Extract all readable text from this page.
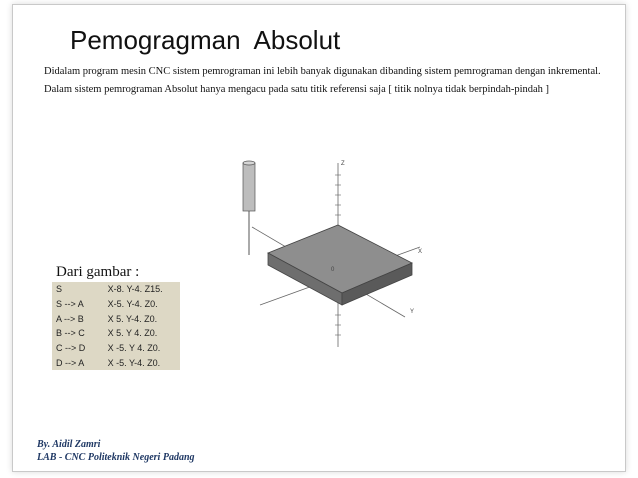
Pemogragman  Absolut
Didalam program mesin CNC sistem pemrograman ini lebih banyak digunakan dibanding sistem pemrograman dengan inkremental. Dalam sistem pemrograman Absolut hanya mengacu pada satu titik referensi saja [ titik nolnya tidak berpindah-pindah ]
Dari gambar :
S	X-8. Y-4. Z15.
S --> A	X-5. Y-4. Z0.
A --> B	X 5. Y-4. Z0.
B --> C	X 5. Y 4. Z0.
C --> D	X -5. Y 4. Z0.
D --> A	X -5. Y-4. Z0.
Z
Y
X
0
By. Aidil Zamri
LAB - CNC Politeknik Negeri Padang
